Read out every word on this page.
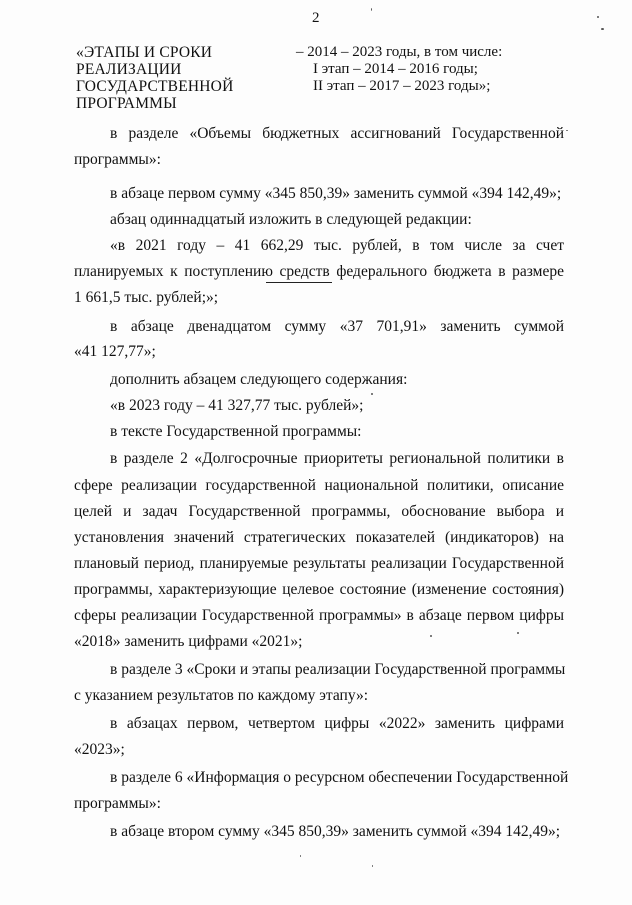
2
«ЭТАПЫ И СРОКИ
РЕАЛИЗАЦИИ
ГОСУДАРСТВЕННОЙ
ПРОГРАММЫ
– 2014 – 2023 годы, в том числе:
I этап – 2014 – 2016 годы;
II этап – 2017 – 2023 годы»;
в разделе «Объемы бюджетных ассигнований Государственной
программы»:
в абзаце первом сумму «345 850,39» заменить суммой «394 142,49»;
абзац одиннадцатый изложить в следующей редакции:
«в 2021 году – 41 662,29 тыс. рублей, в том числе за счет
планируемых к поступлению средств федерального бюджета в размере
1 661,5 тыс. рублей;»;
в абзаце двенадцатом сумму «37 701,91» заменить суммой
«41 127,77»;
дополнить абзацем следующего содержания:
«в 2023 году – 41 327,77 тыс. рублей»;
в тексте Государственной программы:
в разделе 2 «Долгосрочные приоритеты региональной политики в
сфере реализации государственной национальной политики, описание
целей и задач Государственной программы, обоснование выбора и
установления значений стратегических показателей (индикаторов) на
плановый период, планируемые результаты реализации Государственной
программы, характеризующие целевое состояние (изменение состояния)
сферы реализации Государственной программы» в абзаце первом цифры
«2018» заменить цифрами «2021»;
в разделе 3 «Сроки и этапы реализации Государственной программы
с указанием результатов по каждому этапу»:
в абзацах первом, четвертом цифры «2022» заменить цифрами
«2023»;
в разделе 6 «Информация о ресурсном обеспечении Государственной
программы»:
в абзаце втором сумму «345 850,39» заменить суммой «394 142,49»;
